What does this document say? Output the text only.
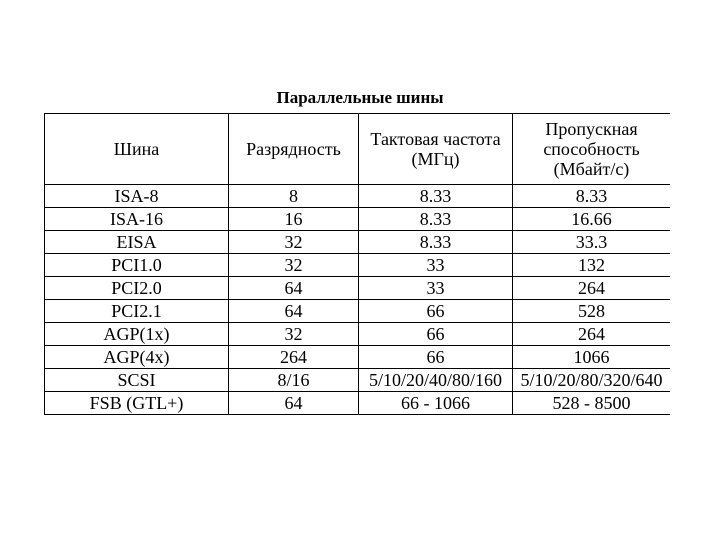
Параллельные шины
Шина	Разрядность	Тактовая частота (МГц)	Пропускная способность (Мбайт/с)
ISA-8	8	8.33	8.33
ISA-16	16	8.33	16.66
EISA	32	8.33	33.3
PCI1.0	32	33	132
PCI2.0	64	33	264
PCI2.1	64	66	528
AGP(1x)	32	66	264
AGP(4x)	264	66	1066
SCSI	8/16	5/10/20/40/80/160	5/10/20/80/320/640
FSB (GTL+)	64	66 - 1066	528 - 8500
